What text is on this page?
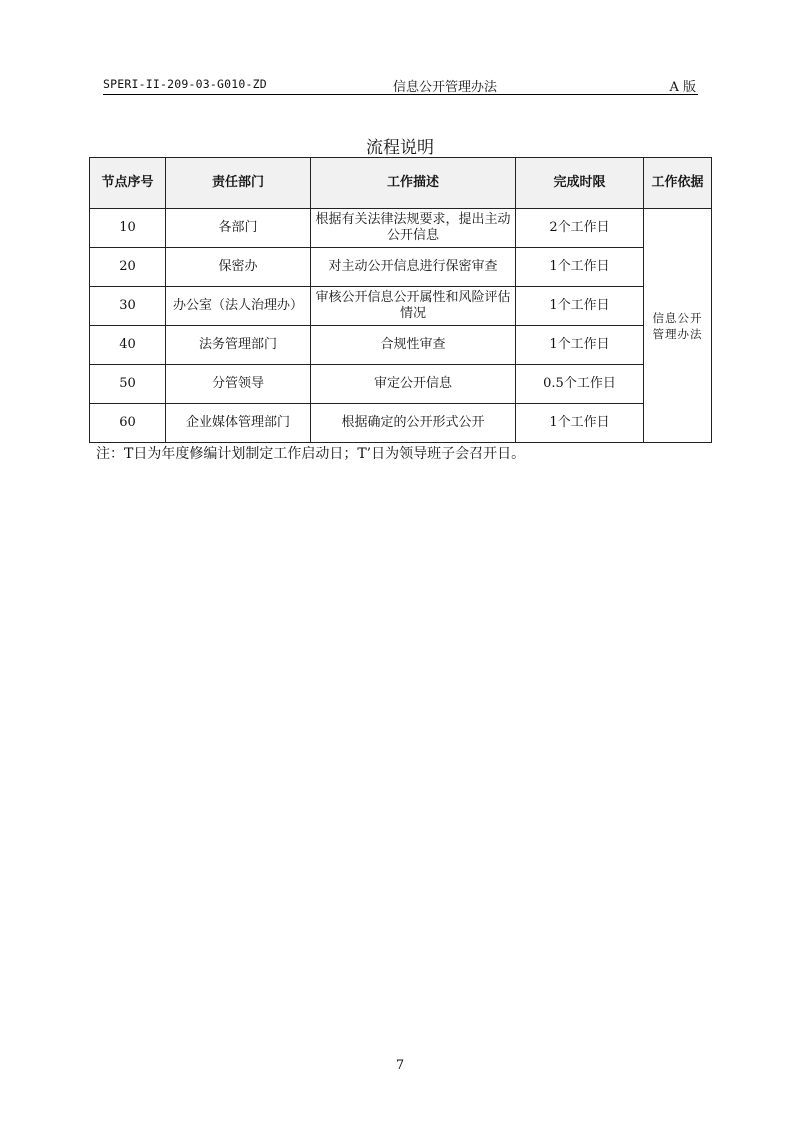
SPERI-II-209-03-G010-ZD	信息公开管理办法	A 版
流程说明
节点序号	责任部门	工作描述	完成时限	工作依据
10	各部门	根据有关法律法规要求，提出主动公开信息	2个工作日	信息公开管理办法
20	保密办	对主动公开信息进行保密审查	1个工作日	
30	办公室（法人治理办）	审核公开信息公开属性和风险评估情况	1个工作日	
40	法务管理部门	合规性审查	1个工作日	
50	分管领导	审定公开信息	0.5个工作日	
60	企业媒体管理部门	根据确定的公开形式公开	1个工作日	
注：T日为年度修编计划制定工作启动日；T’日为领导班子会召开日。
7
